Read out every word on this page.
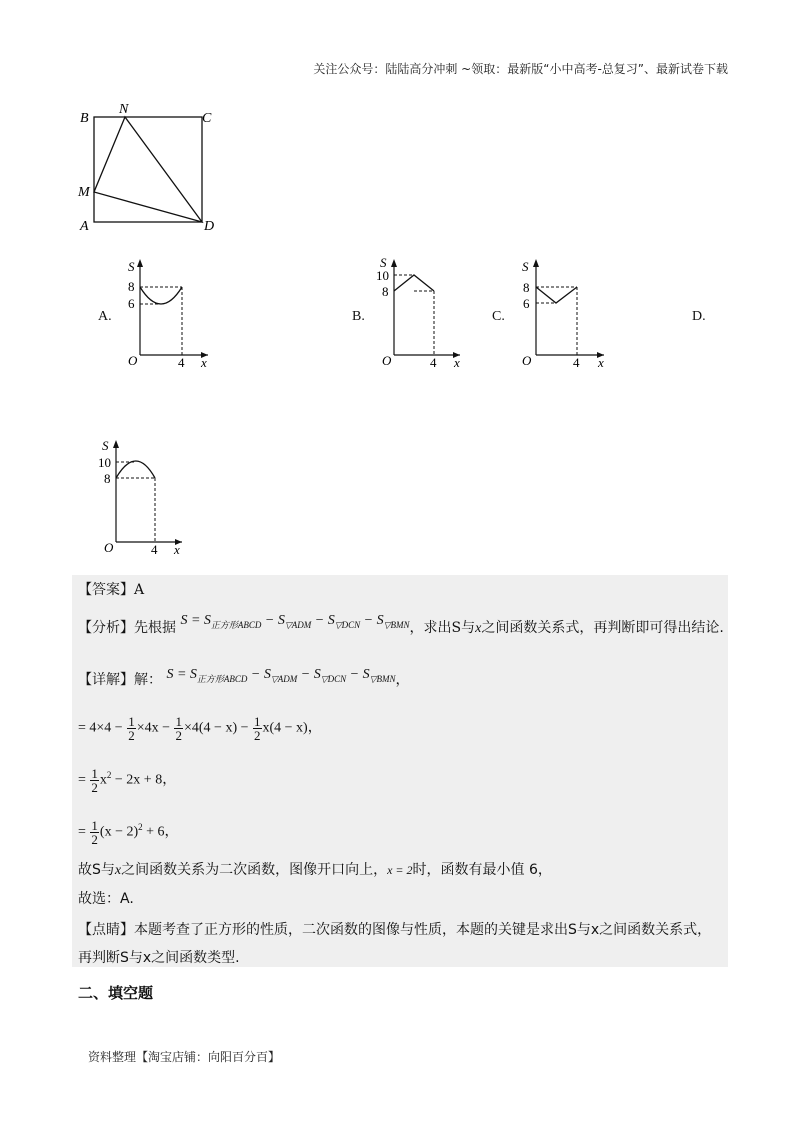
关注公众号：陆陆高分冲刺 ~领取：最新版“小中高考-总复习”、最新试卷下载
B
N
C
M
A	D
A.
S
8
6
O	4 x
B.
S
10
8
O	4 x
C.
S
8
6
O	4 x
D.
S
10
8
O	4 x
【答案】A
【分析】先根据 $S = S_{正方形ABCD} - S_{▽ADM} - S_{▽DCN} - S_{▽BMN}$，求出S与x之间函数关系式，再判断即可得出结论.
【详解】解： $S = S_{正方形ABCD} - S_{▽ADM} - S_{▽DCN} - S_{▽BMN}$，
= $4\times 4 - \frac{1}{2} \times 4x - \frac{1}{2} \times 4(4 - x) - \frac{1}{2} x(4 - x)$，
= $\frac{1}{2} x^2 - 2x + 8$，
= $\frac{1}{2} (x - 2)^2 + 6$，
故S与x之间函数关系为二次函数，图像开口向上，x = 2时，函数有最小值 6，
故选：A.
【点睛】本题考查了正方形的性质，二次函数的图像与性质，本题的关键是求出S与x之间函数关系式，
再判断S与x之间函数类型.
二、填空题
资料整理【淘宝店铺：向阳百分百】
